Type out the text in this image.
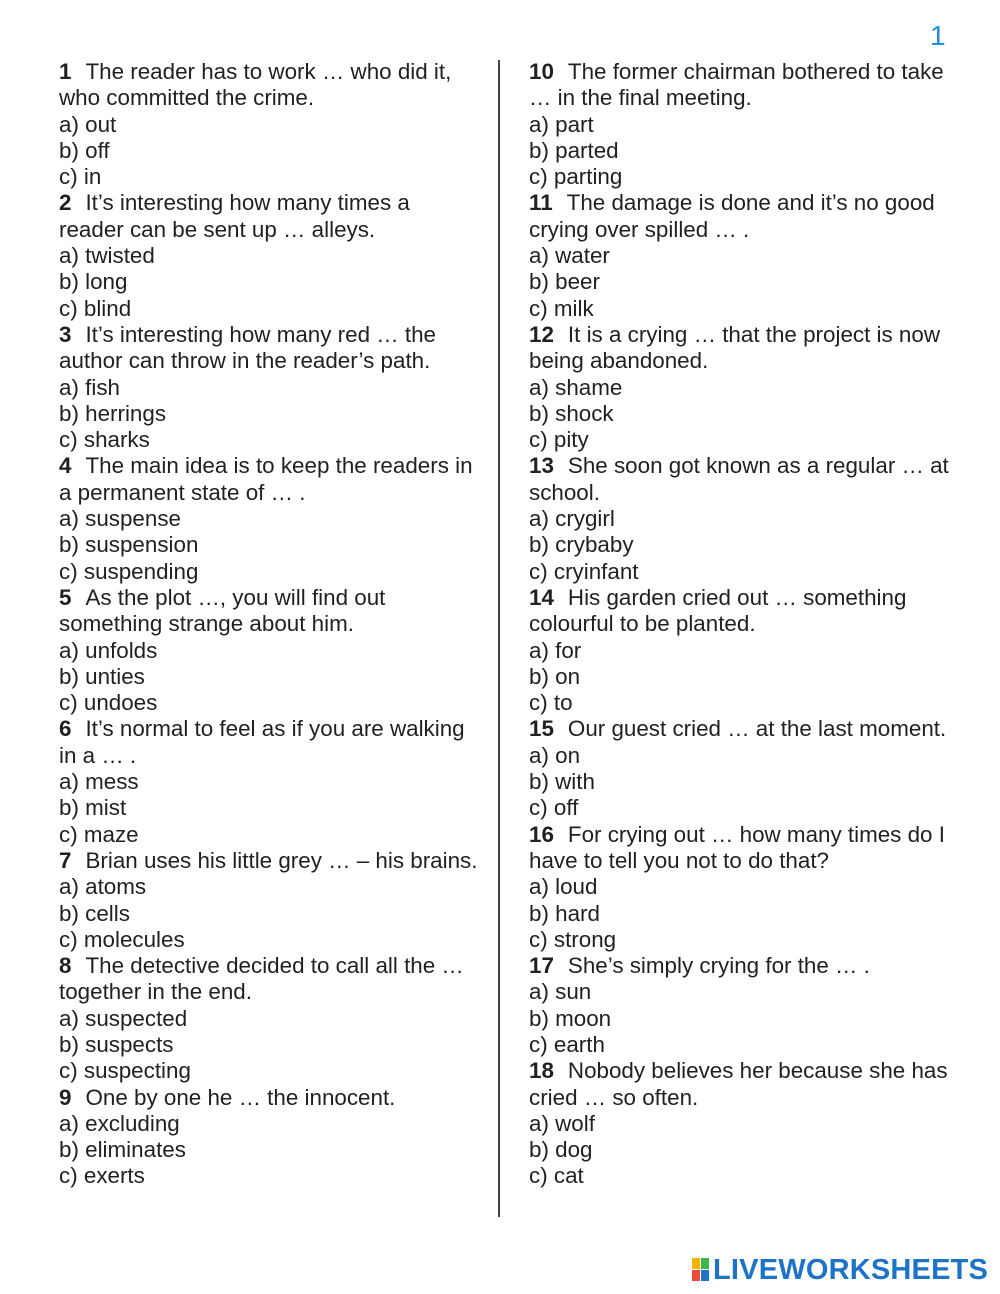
1
1 The reader has to work … who did it, who committed the crime.
a) out
b) off
c) in
2 It’s interesting how many times a reader can be sent up … alleys.
a) twisted
b) long
c) blind
3 It’s interesting how many red … the author can throw in the reader’s path.
a) fish
b) herrings
c) sharks
4 The main idea is to keep the readers in a permanent state of … .
a) suspense
b) suspension
c) suspending
5 As the plot …, you will find out something strange about him.
a) unfolds
b) unties
c) undoes
6 It’s normal to feel as if you are walking in a … .
a) mess
b) mist
c) maze
7 Brian uses his little grey … – his brains.
a) atoms
b) cells
c) molecules
8 The detective decided to call all the … together in the end.
a) suspected
b) suspects
c) suspecting
9 One by one he … the innocent.
a) excluding
b) eliminates
c) exerts
10 The former chairman bothered to take … in the final meeting.
a) part
b) parted
c) parting
11 The damage is done and it’s no good crying over spilled … .
a) water
b) beer
c) milk
12 It is a crying … that the project is now being abandoned.
a) shame
b) shock
c) pity
13 She soon got known as a regular … at school.
a) crygirl
b) crybaby
c) cryinfant
14 His garden cried out … something colourful to be planted.
a) for
b) on
c) to
15 Our guest cried … at the last moment.
a) on
b) with
c) off
16 For crying out … how many times do I have to tell you not to do that?
a) loud
b) hard
c) strong
17 She’s simply crying for the … .
a) sun
b) moon
c) earth
18 Nobody believes her because she has cried … so often.
a) wolf
b) dog
c) cat
LIVEWORKSHEETS
